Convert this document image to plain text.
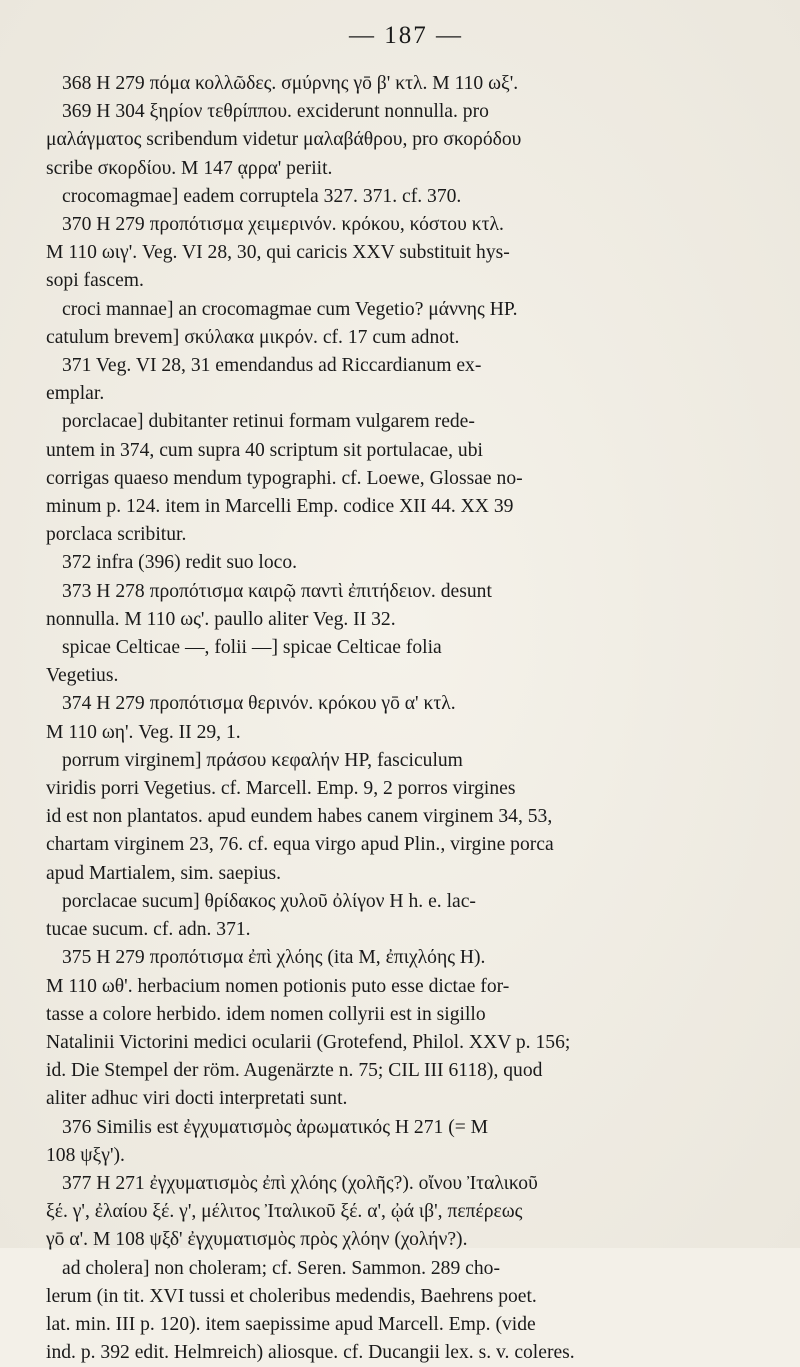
— 187 —
368 H 279 πόμα κολλῶδες. σμύρνης γō β' κτλ. M 110 ωξ'.
369 H 304 ξηρίον τεθρίππου. exciderunt nonnulla. pro
μαλάγματος scribendum videtur μαλαβάθρου, pro σκορόδου
scribe σκορδίου. M 147 ᾳρρα' periit.
crocomagmae] eadem corruptela 327. 371. cf. 370.
370 H 279 προπότισμα χειμερινόν. κρόκου, κόστου κτλ.
M 110 ωιγ'. Veg. VI 28, 30, qui caricis XXV substituit hys-
sopi fascem.
croci mannae] an crocomagmae cum Vegetio? μάννης HP.
catulum brevem] σκύλακα μικρόν. cf. 17 cum adnot.
371 Veg. VI 28, 31 emendandus ad Riccardianum ex-
emplar.
porclacae] dubitanter retinui formam vulgarem rede-
untem in 374, cum supra 40 scriptum sit portulacae, ubi
corrigas quaeso mendum typographi. cf. Loewe, Glossae no-
minum p. 124. item in Marcelli Emp. codice XII 44. XX 39
porclaca scribitur.
372 infra (396) redit suo loco.
373 H 278 προπότισμα καιρῷ παντὶ ἐπιτήδειον. desunt
nonnulla. M 110 ως'. paullo aliter Veg. II 32.
spicae Celticae —, folii —] spicae Celticae folia
Vegetius.
374 H 279 προπότισμα θερινόν. κρόκου γō α' κτλ.
M 110 ωη'. Veg. II 29, 1.
porrum virginem] πράσου κεφαλήν HP, fasciculum
viridis porri Vegetius. cf. Marcell. Emp. 9, 2 porros virgines
id est non plantatos. apud eundem habes canem virginem 34, 53,
chartam virginem 23, 76. cf. equa virgo apud Plin., virgine porca
apud Martialem, sim. saepius.
porclacae sucum] θρίδακος χυλοῦ ὀλίγον H h. e. lac-
tucae sucum. cf. adn. 371.
375 H 279 προπότισμα ἐπὶ χλόης (ita M, ἐπιχλόης H).
M 110 ωθ'. herbacium nomen potionis puto esse dictae for-
tasse a colore herbido. idem nomen collyrii est in sigillo
Natalinii Victorini medici ocularii (Grotefend, Philol. XXV p. 156;
id. Die Stempel der röm. Augenärzte n. 75; CIL III 6118), quod
aliter adhuc viri docti interpretati sunt.
376 Similis est ἐγχυματισμὸς ἀρωματικός H 271 (= M
108 ψξγ').
377 H 271 ἐγχυματισμὸς ἐπὶ χλόης (χολῆς?). οἴνου Ἰταλικοῦ
ξέ. γ', ἐλαίου ξέ. γ', μέλιτος Ἰταλικοῦ ξέ. α', ᾠά ιβ', πεπέρεως
γō α'. M 108 ψξδ' ἐγχυματισμὸς πρὸς χλόην (χολήν?).
ad cholera] non choleram; cf. Seren. Sammon. 289 cho-
lerum (in tit. XVI tussi et choleribus medendis, Baehrens poet.
lat. min. III p. 120). item saepissime apud Marcell. Emp. (vide
ind. p. 392 edit. Helmreich) aliosque. cf. Ducangii lex. s. v. coleres.
